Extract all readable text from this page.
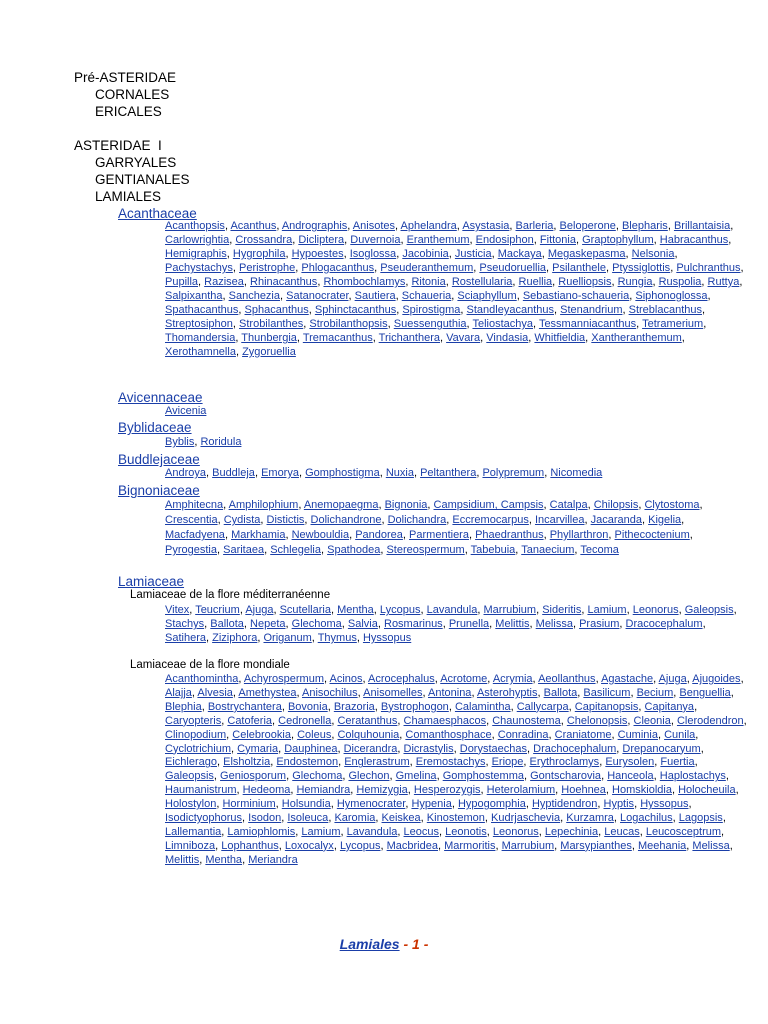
Pré-ASTERIDAE
CORNALES
ERICALES
ASTERIDAE  I
GARRYALES
GENTIANALES
LAMIALES
Acanthaceae
Acanthopsis, Acanthus, Andrographis, Anisotes, Aphelandra, Asystasia, Barleria, Beloperone, Blepharis, Brillantaisia, Carlowrightia, Crossandra, Dicliptera, Duvernoia, Eranthemum, Endosiphon, Fittonia, Graptophyllum, Habracanthus, Hemigraphis, Hygrophila, Hypoestes, Isoglossa, Jacobinia, Justicia, Mackaya, Megaskepasma, Nelsonia, Pachystachys, Peristrophe, Phlogacanthus, Pseuderanthemum, Pseudoruellia, Psilanthele, Ptyssiglottis, Pulchranthus, Pupilla, Razisea, Rhinacanthus, Rhombochlamys, Ritonia, Rostellularia, Ruellia, Ruelliopsis, Rungia, Ruspolia, Ruttya, Salpixantha, Sanchezia, Satanocrater, Sautiera, Schaueria, Sciaphyllum, Sebastiano-schaueria, Siphonoglossa, Spathacanthus, Sphacanthus, Sphinctacanthus, Spirostigma, Standleyacanthus, Stenandrium, Streblacanthus, Streptosiphon, Strobilanthes, Strobilanthopsis, Suessenguthia, Teliostachya, Tessmanniacanthus, Tetramerium, Thomandersia, Thunbergia, Tremacanthus, Trichanthera, Vavara, Vindasia, Whitfieldia, Xantheranthemum, Xerothamnella, Zygoruellia
Avicennaceae
Avicenia
Byblidaceae
Byblis, Roridula
Buddlejaceae
Androya, Buddleja, Emorya, Gomphostigma, Nuxia, Peltanthera, Polypremum, Nicomedia
Bignoniaceae
Amphitecna, Amphilophium, Anemopaegma, Bignonia, Campsidium, Campsis, Catalpa, Chilopsis, Clytostoma, Crescentia, Cydista, Distictis, Dolichandrone, Dolichandra, Eccremocarpus, Incarvillea, Jacaranda, Kigelia, Macfadyena, Markhamia, Newbouldia, Pandorea, Parmentiera, Phaedranthus, Phyllarthron, Pithecoctenium, Pyrogestia, Saritaea, Schlegelia, Spathodea, Stereospermum, Tabebuia, Tanaecium, Tecoma
Lamiaceae
Lamiaceae de la flore méditerranéenne
Vitex, Teucrium, Ajuga, Scutellaria, Mentha, Lycopus, Lavandula, Marrubium, Sideritis, Lamium, Leonorus, Galeopsis, Stachys, Ballota, Nepeta, Glechoma, Salvia, Rosmarinus, Prunella, Melittis, Melissa, Prasium, Dracocephalum, Satihera, Ziziphora, Origanum, Thymus, Hyssopus
Lamiaceae de la flore mondiale
Acanthomintha, Achyrospermum, Acinos, Acrocephalus, Acrotome, Acrymia, Aeollanthus, Agastache, Ajuga, Ajugoides, Alajja, Alvesia, Amethystea, Anisochilus, Anisomelles, Antonina, Asterohyptis, Ballota, Basilicum, Becium, Benguellia, Blephia, Bostrychantera, Bovonia, Brazoria, Bystrophogon, Calamintha, Callycarpa, Capitanopsis, Capitanya, Caryopteris, Catoferia, Cedronella, Ceratanthus, Chamaesphacos, Chaunostema, Chelonopsis, Cleonia, Clerodendron, Clinopodium, Celebrookia, Coleus, Colquhounia, Comanthosphace, Conradina, Craniatome, Cuminia, Cunila, Cyclotrichium, Cymaria, Dauphinea, Dicerandra, Dicrastylis, Dorystaechas, Drachocephalum, Drepanocaryum, Eichlerago, Elsholtzia, Endostemon, Englerastrum, Eremostachys, Eriope, Erythroclamys, Eurysolen, Fuertia, Galeopsis, Geniosporum, Glechoma, Glechon, Gmelina, Gomphostemma, Gontscharovia, Hanceola, Haplostachys, Haumanistrum, Hedeoma, Hemiandra, Hemizygia, Hesperozygis, Heterolamium, Hoehnea, Homskioldia, Holocheuila, Holostylon, Horminium, Holsundia, Hymenocrater, Hypenia, Hypogomphia, Hyptidendron, Hyptis, Hyssopus, Isodictyophorus, Isodon, Isoleuca, Karomia, Keiskea, Kinostemon, Kudrjaschevia, Kurzamra, Logachilus, Lagopsis, Lallemantia, Lamiophlomis, Lamium, Lavandula, Leocus, Leonotis, Leonorus, Lepechinia, Leucas, Leucosceptrum, Limniboza, Lophanthus, Loxocalyx, Lycopus, Macbridea, Marmoritis, Marrubium, Marsypianthes, Meehania, Melissa, Melittis, Mentha, Meriandra
Lamiales - 1 -
